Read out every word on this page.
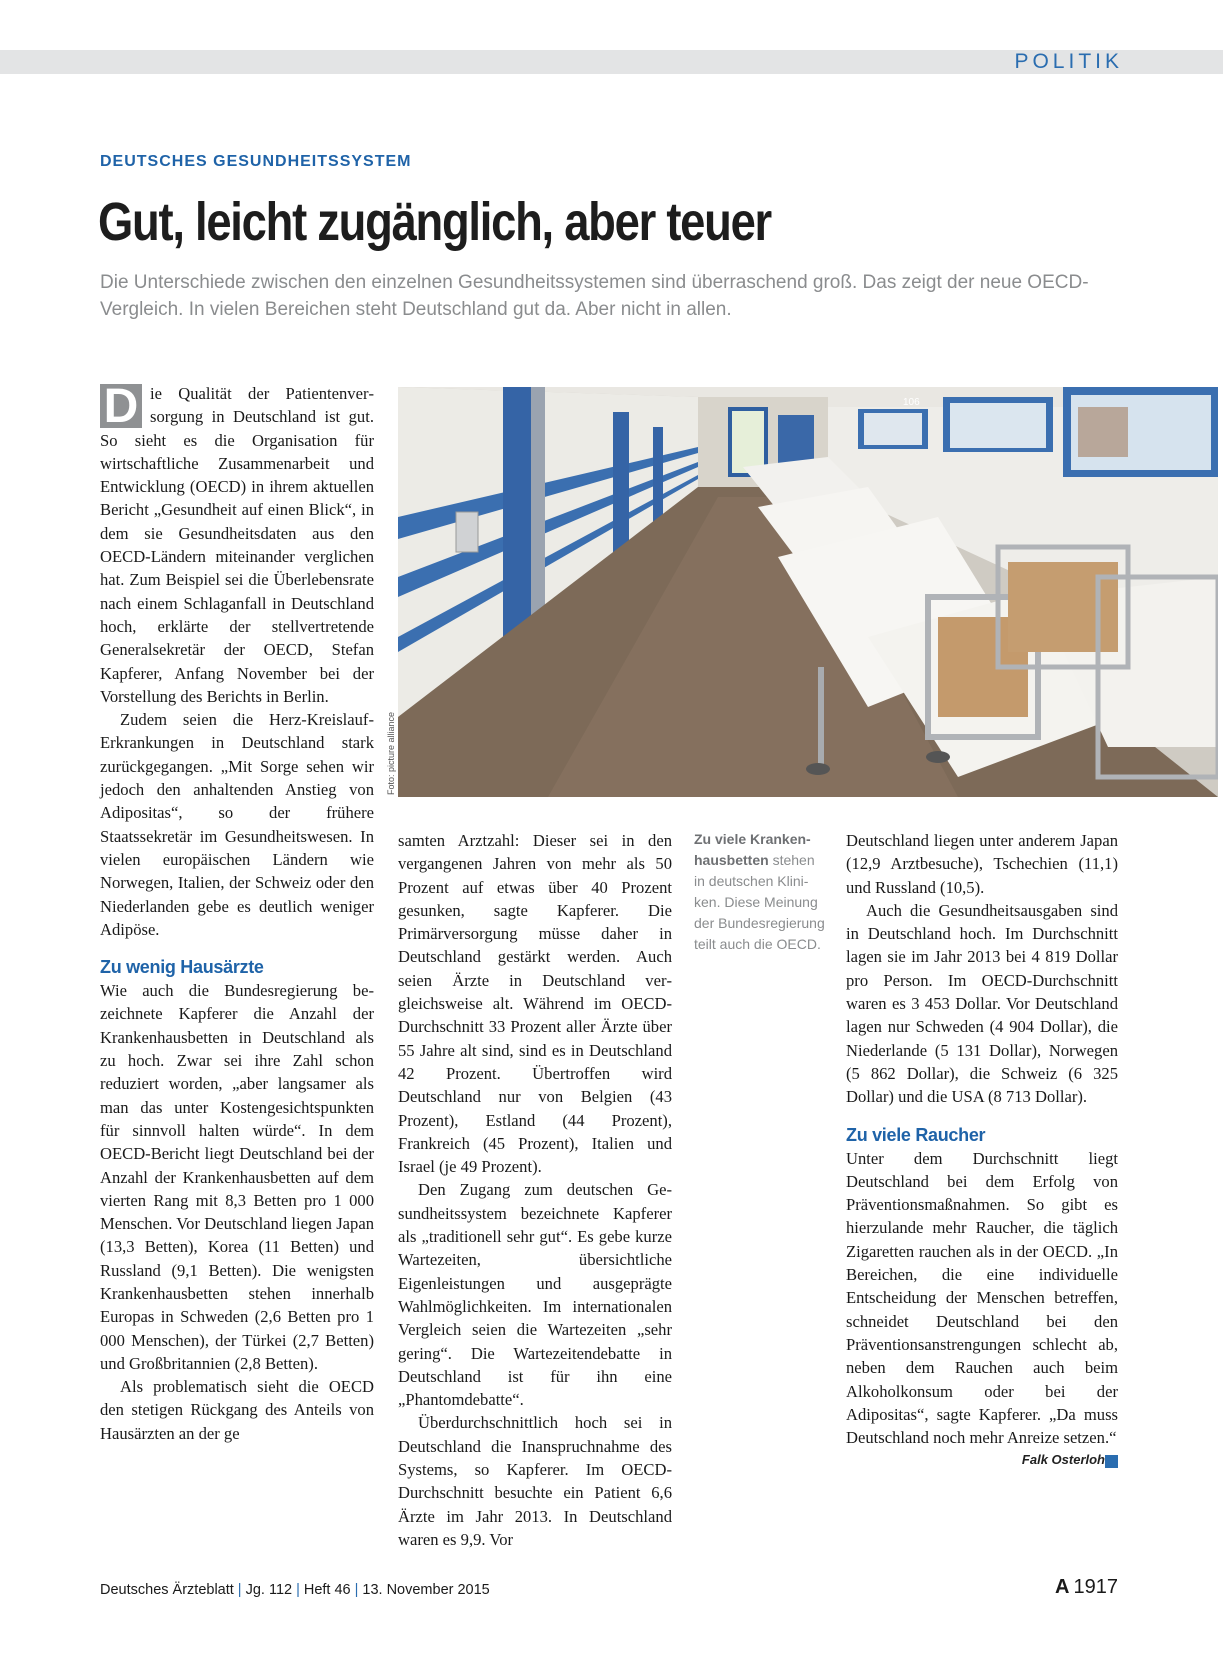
POLITIK
DEUTSCHES GESUNDHEITSSYSTEM
Gut, leicht zugänglich, aber teuer

Die Unterschiede zwischen den einzelnen Gesundheitssystemen sind überraschend groß. Das zeigt der neue OECD-Vergleich. In vielen Bereichen steht Deutschland gut da. Aber nicht in allen.

D ie Qualität der Patientenversorgung in Deutschland ist gut. So sieht es die Organisation für wirtschaftliche Zusammenarbeit und Entwicklung (OECD) in ihrem aktuellen Bericht „Gesundheit auf einen Blick“, in dem sie Gesundheitsdaten aus den OECD-Ländern miteinander verglichen hat. Zum Beispiel sei die Überlebensrate nach einem Schlaganfall in Deutschland hoch, erklärte der stellvertretende Generalsekretär der OECD, Stefan Kapferer, Anfang November bei der Vorstellung des Berichts in Berlin.

Zudem seien die Herz-Kreislauf-Erkrankungen in Deutschland stark zurückgegangen. „Mit Sorge sehen wir jedoch den anhaltenden Anstieg von Adipositas“, so der frühere Staatssekretär im Gesundheitswesen. In vielen europäischen Ländern wie Norwegen, Italien, der Schweiz oder den Niederlanden gebe es deutlich weniger Adipöse.

Zu wenig Hausärzte

Wie auch die Bundesregierung bezeichnete Kapferer die Anzahl der Krankenhausbetten in Deutschland als zu hoch. Zwar sei ihre Zahl schon reduziert worden, „aber langsamer als man das unter Kostengesichtspunkten für sinnvoll halten würde“. In dem OECD-Bericht liegt Deutschland bei der Anzahl der Krankenhausbetten auf dem vierten Rang mit 8,3 Betten pro 1 000 Menschen. Vor Deutschland liegen Japan (13,3 Betten), Korea (11 Betten) und Russland (9,1 Betten). Die wenigsten Krankenhausbetten stehen innerhalb Europas in Schweden (2,6 Betten pro 1 000 Menschen), der Türkei (2,7 Betten) und Großbritannien (2,8 Betten).

Als problematisch sieht die OECD den stetigen Rückgang des Anteils von Hausärzten an der ge

106
Foto: picture alliance

samten Arztzahl: Dieser sei in den vergangenen Jahren von mehr als 50 Prozent auf etwas über 40 Prozent gesunken, sagte Kapferer. Die Primärversorgung müsse daher in Deutschland gestärkt werden. Auch seien Ärzte in Deutschland vergleichsweise alt. Während im OECD-Durchschnitt 33 Prozent aller Ärzte über 55 Jahre alt sind, sind es in Deutschland 42 Prozent. Übertroffen wird Deutschland nur von Belgien (43 Prozent), Estland (44 Prozent), Frankreich (45 Prozent), Italien und Israel (je 49 Prozent).

Den Zugang zum deutschen Gesundheitssystem bezeichnete Kapferer als „traditionell sehr gut“. Es gebe kurze Wartezeiten, übersichtliche Eigenleistungen und ausgeprägte Wahlmöglichkeiten. Im internationalen Vergleich seien die Wartezeiten „sehr gering“. Die Wartezeitendebatte in Deutschland ist für ihn eine „Phantomdebatte“.

Überdurchschnittlich hoch sei in Deutschland die Inanspruchnahme des Systems, so Kapferer. Im OECD-Durchschnitt besuchte ein Patient 6,6 Ärzte im Jahr 2013. In Deutschland waren es 9,9. Vor

Zu viele Krankenhausbetten stehen in deutschen Kliniken. Diese Meinung der Bundesregierung teilt auch die OECD.

Deutschland liegen unter anderem Japan (12,9 Arztbesuche), Tschechien (11,1) und Russland (10,5).

Auch die Gesundheitsausgaben sind in Deutschland hoch. Im Durchschnitt lagen sie im Jahr 2013 bei 4 819 Dollar pro Person. Im OECD-Durchschnitt waren es 3 453 Dollar. Vor Deutschland lagen nur Schweden (4 904 Dollar), die Niederlande (5 131 Dollar), Norwegen (5 862 Dollar), die Schweiz (6 325 Dollar) und die USA (8 713 Dollar).

Zu viele Raucher

Unter dem Durchschnitt liegt Deutschland bei dem Erfolg von Präventionsmaßnahmen. So gibt es hierzulande mehr Raucher, die täglich Zigaretten rauchen als in der OECD. „In Bereichen, die eine individuelle Entscheidung der Menschen betreffen, schneidet Deutschland bei den Präventionsanstrengungen schlecht ab, neben dem Rauchen auch beim Alkoholkonsum oder bei der Adipositas“, sagte Kapferer. „Da muss Deutschland noch mehr Anreize setzen.“

Falk Osterloh
Deutsches Ärzteblatt | Jg. 112 | Heft 46 | 13. November 2015	A 1917
